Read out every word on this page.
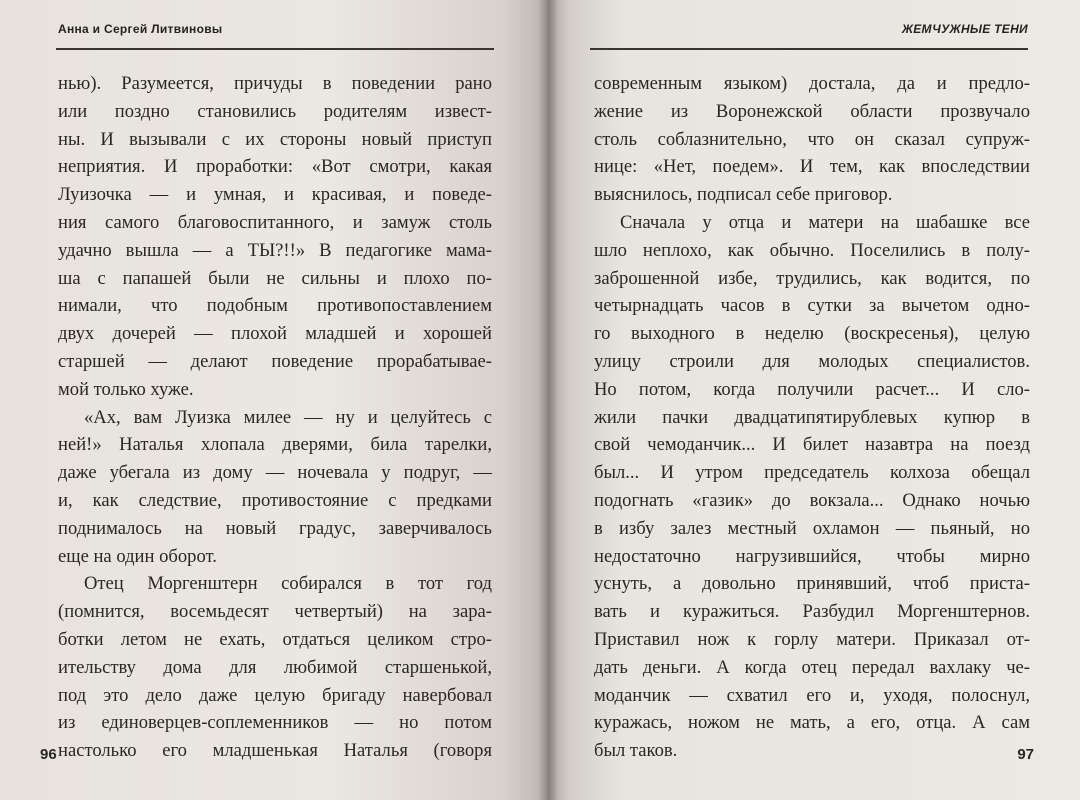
Анна и Сергей Литвиновы
нью). Разумеется, причуды в поведении рано
или поздно становились родителям извест-
ны. И вызывали с их стороны новый приступ
неприятия. И проработки: «Вот смотри, какая
Луизочка — и умная, и красивая, и поведе-
ния самого благовоспитанного, и замуж столь
удачно вышла — а ТЫ?!!» В педагогике мама-
ша с папашей были не сильны и плохо по-
нимали, что подобным противопоставлением
двух дочерей — плохой младшей и хорошей
старшей — делают поведение прорабатывае-
мой только хуже.
«Ах, вам Луизка милее — ну и целуйтесь с
ней!» Наталья хлопала дверями, била тарелки,
даже убегала из дому — ночевала у подруг, —
и, как следствие, противостояние с предками
поднималось на новый градус, заверчивалось
еще на один оборот.
Отец Моргенштерн собирался в тот год
(помнится, восемьдесят четвертый) на зара-
ботки летом не ехать, отдаться целиком стро-
ительству дома для любимой старшенькой,
под это дело даже целую бригаду навербовал
из единоверцев-соплеменников — но потом
настолько его младшенькая Наталья (говоря
96
ЖЕМЧУЖНЫЕ ТЕНИ
современным языком) достала, да и предло-
жение из Воронежской области прозвучало
столь соблазнительно, что он сказал супруж-
нице: «Нет, поедем». И тем, как впоследствии
выяснилось, подписал себе приговор.
Сначала у отца и матери на шабашке все
шло неплохо, как обычно. Поселились в полу-
заброшенной избе, трудились, как водится, по
четырнадцать часов в сутки за вычетом одно-
го выходного в неделю (воскресенья), целую
улицу строили для молодых специалистов.
Но потом, когда получили расчет... И сло-
жили пачки двадцатипятирублевых купюр в
свой чемоданчик... И билет назавтра на поезд
был... И утром председатель колхоза обещал
подогнать «газик» до вокзала... Однако ночью
в избу залез местный охламон — пьяный, но
недостаточно нагрузившийся, чтобы мирно
уснуть, а довольно принявший, чтоб приста-
вать и куражиться. Разбудил Моргенштернов.
Приставил нож к горлу матери. Приказал от-
дать деньги. А когда отец передал вахлаку че-
моданчик — схватил его и, уходя, полоснул,
куражась, ножом не мать, а его, отца. А сам
был таков.	97
